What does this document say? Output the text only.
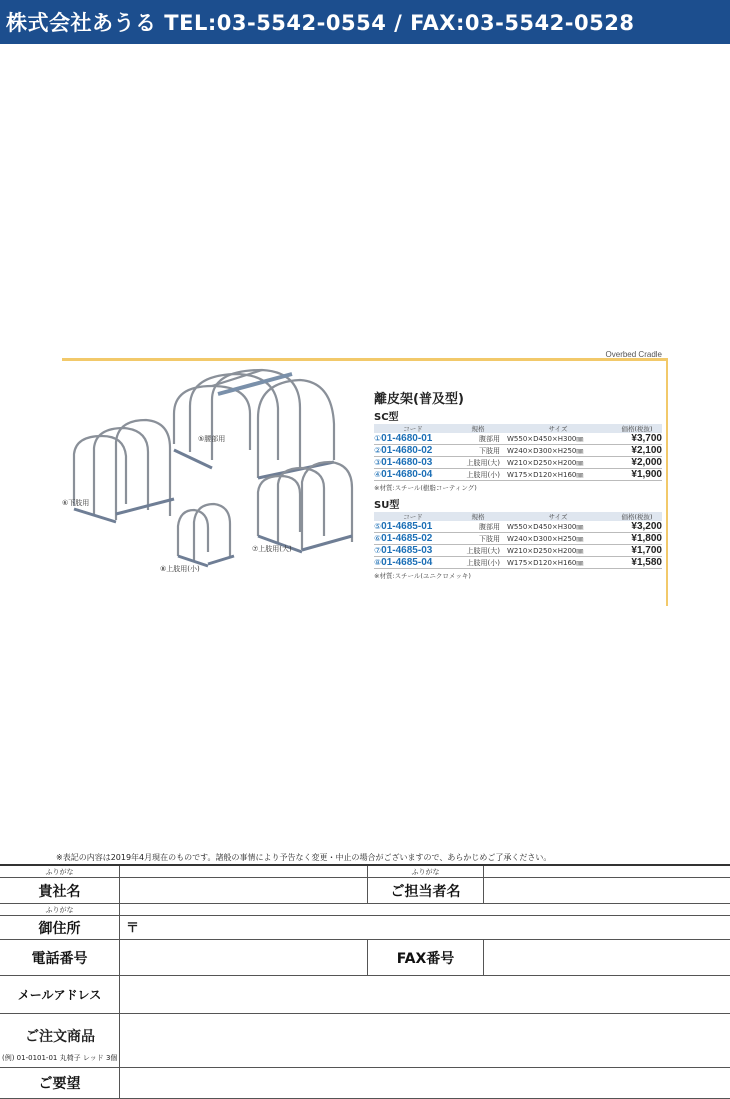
株式会社あうる TEL:03-5542-0554 / FAX:03-5542-0528
Overbed Cradle
⑤腰部用
⑥下肢用
⑦上肢用(大)
⑧上肢用(小)
離皮架(普及型)
SC型
コード	規格	サイズ	価格(税抜)
①01-4680-01	腹部用	W550×D450×H300㎜	¥3,700
②01-4680-02	下肢用	W240×D300×H250㎜	¥2,100
③01-4680-03	上肢用(大)	W210×D250×H200㎜	¥2,000
④01-4680-04	上肢用(小)	W175×D120×H160㎜	¥1,900
※材質:スチール(樹脂コーティング)
SU型
コード	規格	サイズ	価格(税抜)
⑤01-4685-01	腹部用	W550×D450×H300㎜	¥3,200
⑥01-4685-02	下肢用	W240×D300×H250㎜	¥1,800
⑦01-4685-03	上肢用(大)	W210×D250×H200㎜	¥1,700
⑧01-4685-04	上肢用(小)	W175×D120×H160㎜	¥1,580
※材質:スチール(ユニクロメッキ)
※表記の内容は2019年4月現在のものです。諸般の事情により予告なく変更・中止の場合がございますので、あらかじめご了承ください。
ふりがな	ふりがな
貴社名	ご担当者名
ふりがな
御住所	〒
電話番号	FAX番号
メールアドレス
ご注文商品
(例) 01-0101-01 丸椅子 レッド 3個
ご要望
